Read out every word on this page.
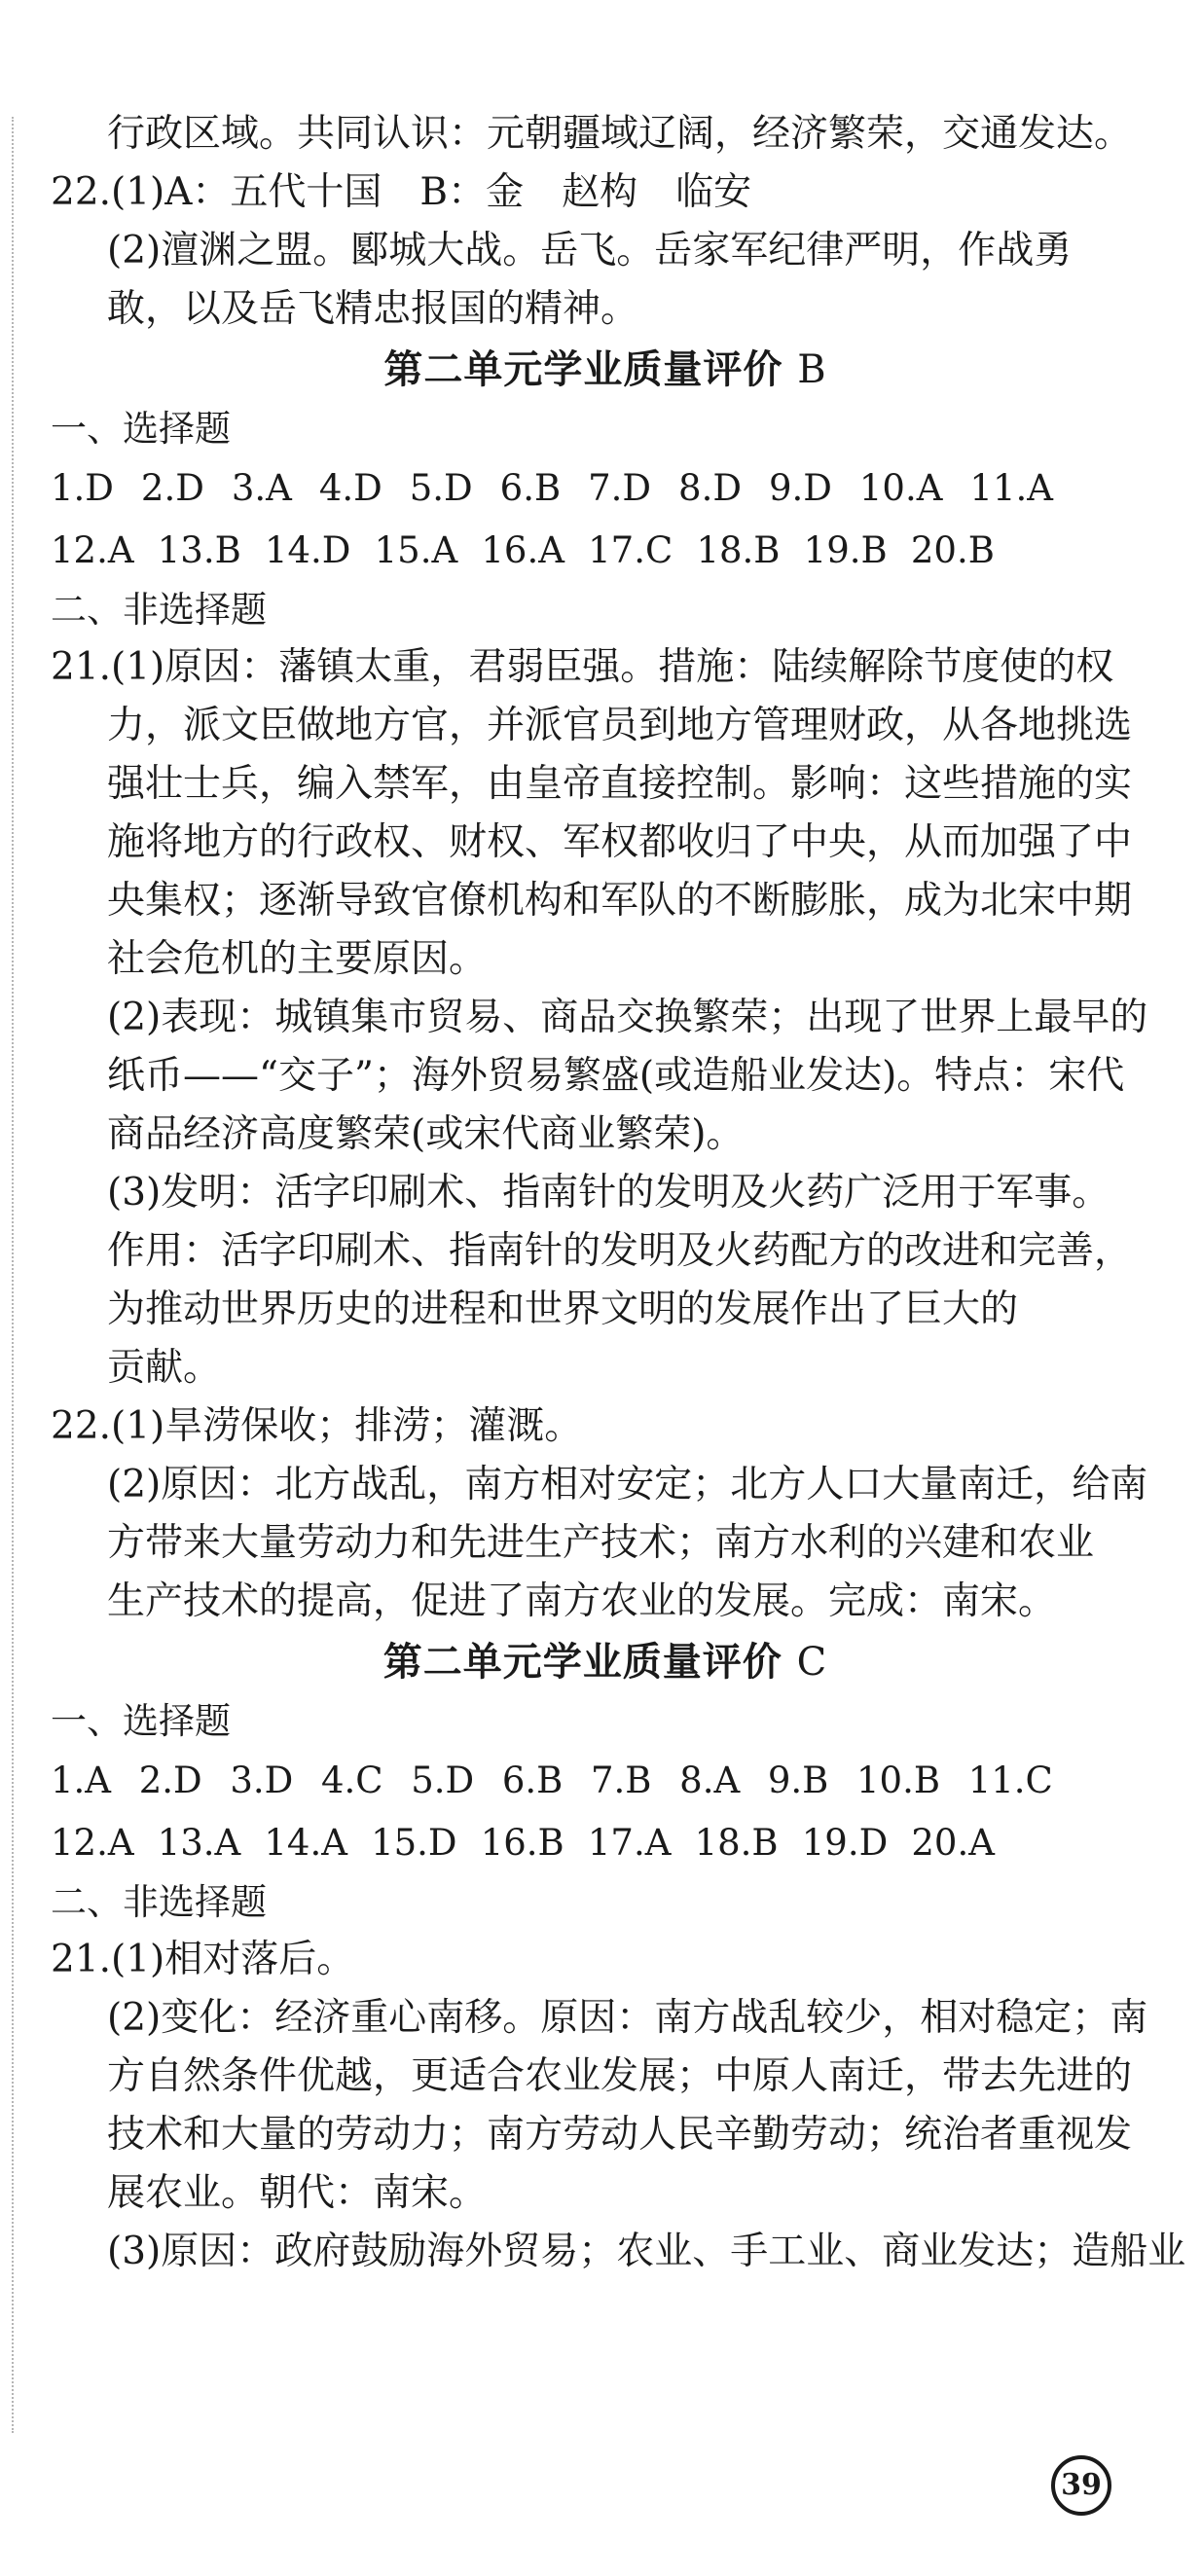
行政区域。共同认识：元朝疆域辽阔，经济繁荣，交通发达。
22.(1)A：五代十国　B：金　赵构　临安
(2)澶渊之盟。郾城大战。岳飞。岳家军纪律严明，作战勇
敢，以及岳飞精忠报国的精神。
第二单元学业质量评价 B
一、选择题
1.D 2.D 3.A 4.D 5.D 6.B 7.D 8.D 9.D 10.A 11.A
12.A 13.B 14.D 15.A 16.A 17.C 18.B 19.B 20.B
二、非选择题
21.(1)原因：藩镇太重，君弱臣强。措施：陆续解除节度使的权
力，派文臣做地方官，并派官员到地方管理财政，从各地挑选
强壮士兵，编入禁军，由皇帝直接控制。影响：这些措施的实
施将地方的行政权、财权、军权都收归了中央，从而加强了中
央集权；逐渐导致官僚机构和军队的不断膨胀，成为北宋中期
社会危机的主要原因。
(2)表现：城镇集市贸易、商品交换繁荣；出现了世界上最早的
纸币——“交子”；海外贸易繁盛(或造船业发达)。特点：宋代
商品经济高度繁荣(或宋代商业繁荣)。
(3)发明：活字印刷术、指南针的发明及火药广泛用于军事。
作用：活字印刷术、指南针的发明及火药配方的改进和完善，
为推动世界历史的进程和世界文明的发展作出了巨大的
贡献。
22.(1)旱涝保收；排涝；灌溉。
(2)原因：北方战乱，南方相对安定；北方人口大量南迁，给南
方带来大量劳动力和先进生产技术；南方水利的兴建和农业
生产技术的提高，促进了南方农业的发展。完成：南宋。
第二单元学业质量评价 C
一、选择题
1.A 2.D 3.D 4.C 5.D 6.B 7.B 8.A 9.B 10.B 11.C
12.A 13.A 14.A 15.D 16.B 17.A 18.B 19.D 20.A
二、非选择题
21.(1)相对落后。
(2)变化：经济重心南移。原因：南方战乱较少，相对稳定；南
方自然条件优越，更适合农业发展；中原人南迁，带去先进的
技术和大量的劳动力；南方劳动人民辛勤劳动；统治者重视发
展农业。朝代：南宋。
(3)原因：政府鼓励海外贸易；农业、手工业、商业发达；造船业
39
